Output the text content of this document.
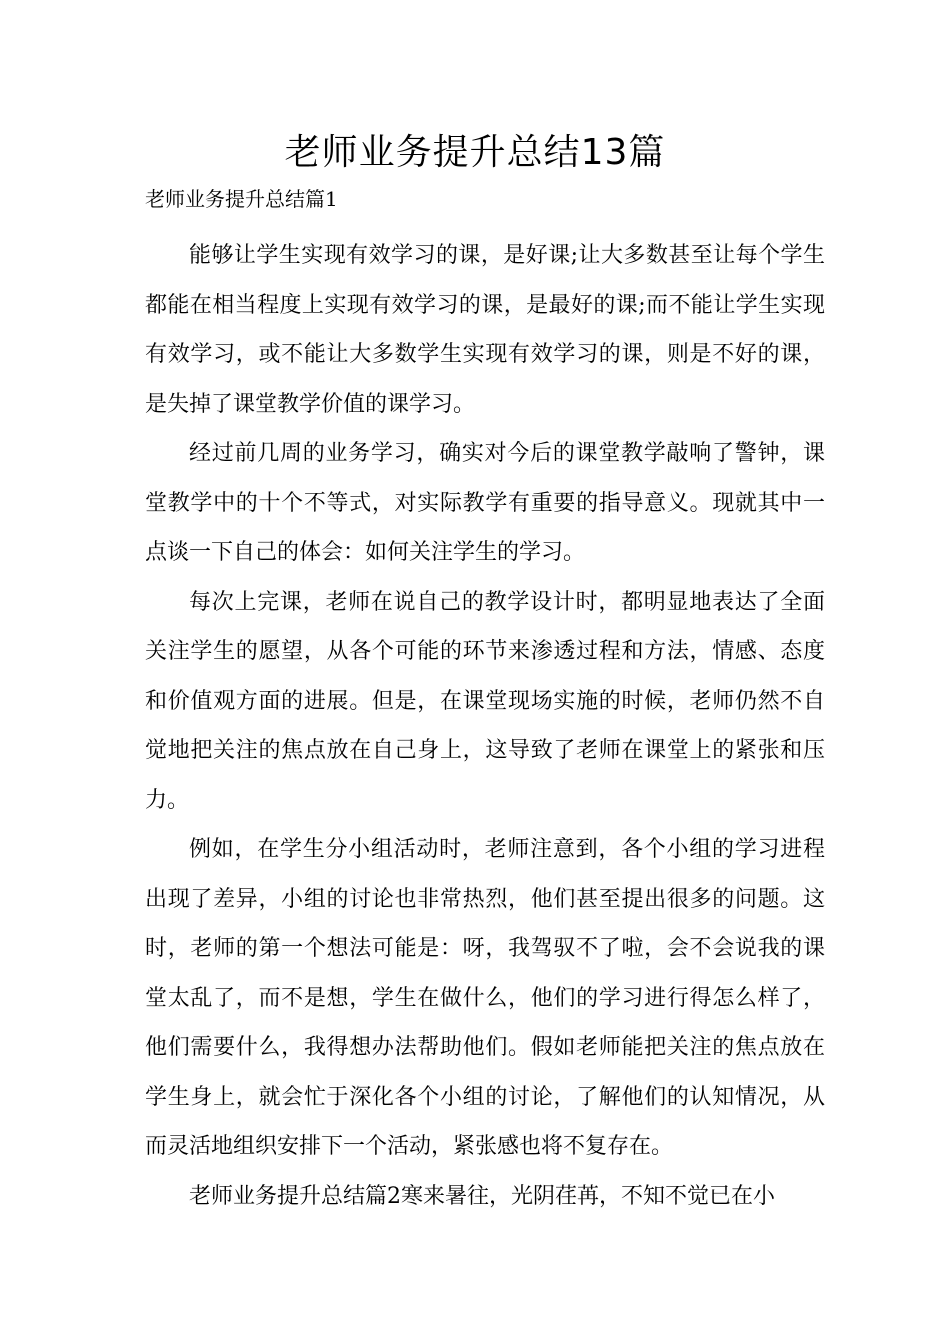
老师业务提升总结13篇
老师业务提升总结篇1

能够让学生实现有效学习的课，是好课;让大多数甚至让每个学生都能在相当程度上实现有效学习的课，是最好的课;而不能让学生实现有效学习，或不能让大多数学生实现有效学习的课，则是不好的课，是失掉了课堂教学价值的课学习。

经过前几周的业务学习，确实对今后的课堂教学敲响了警钟，课堂教学中的十个不等式，对实际教学有重要的指导意义。现就其中一点谈一下自己的体会：如何关注学生的学习。

每次上完课，老师在说自己的教学设计时，都明显地表达了全面关注学生的愿望，从各个可能的环节来渗透过程和方法，情感、态度和价值观方面的进展。但是，在课堂现场实施的时候，老师仍然不自觉地把关注的焦点放在自己身上，这导致了老师在课堂上的紧张和压力。

例如，在学生分小组活动时，老师注意到，各个小组的学习进程出现了差异，小组的讨论也非常热烈，他们甚至提出很多的问题。这时，老师的第一个想法可能是：呀，我驾驭不了啦，会不会说我的课堂太乱了，而不是想，学生在做什么，他们的学习进行得怎么样了，他们需要什么，我得想办法帮助他们。假如老师能把关注的焦点放在学生身上，就会忙于深化各个小组的讨论，了解他们的认知情况，从而灵活地组织安排下一个活动，紧张感也将不复存在。

老师业务提升总结篇2寒来暑往，光阴荏苒，不知不觉已在小
